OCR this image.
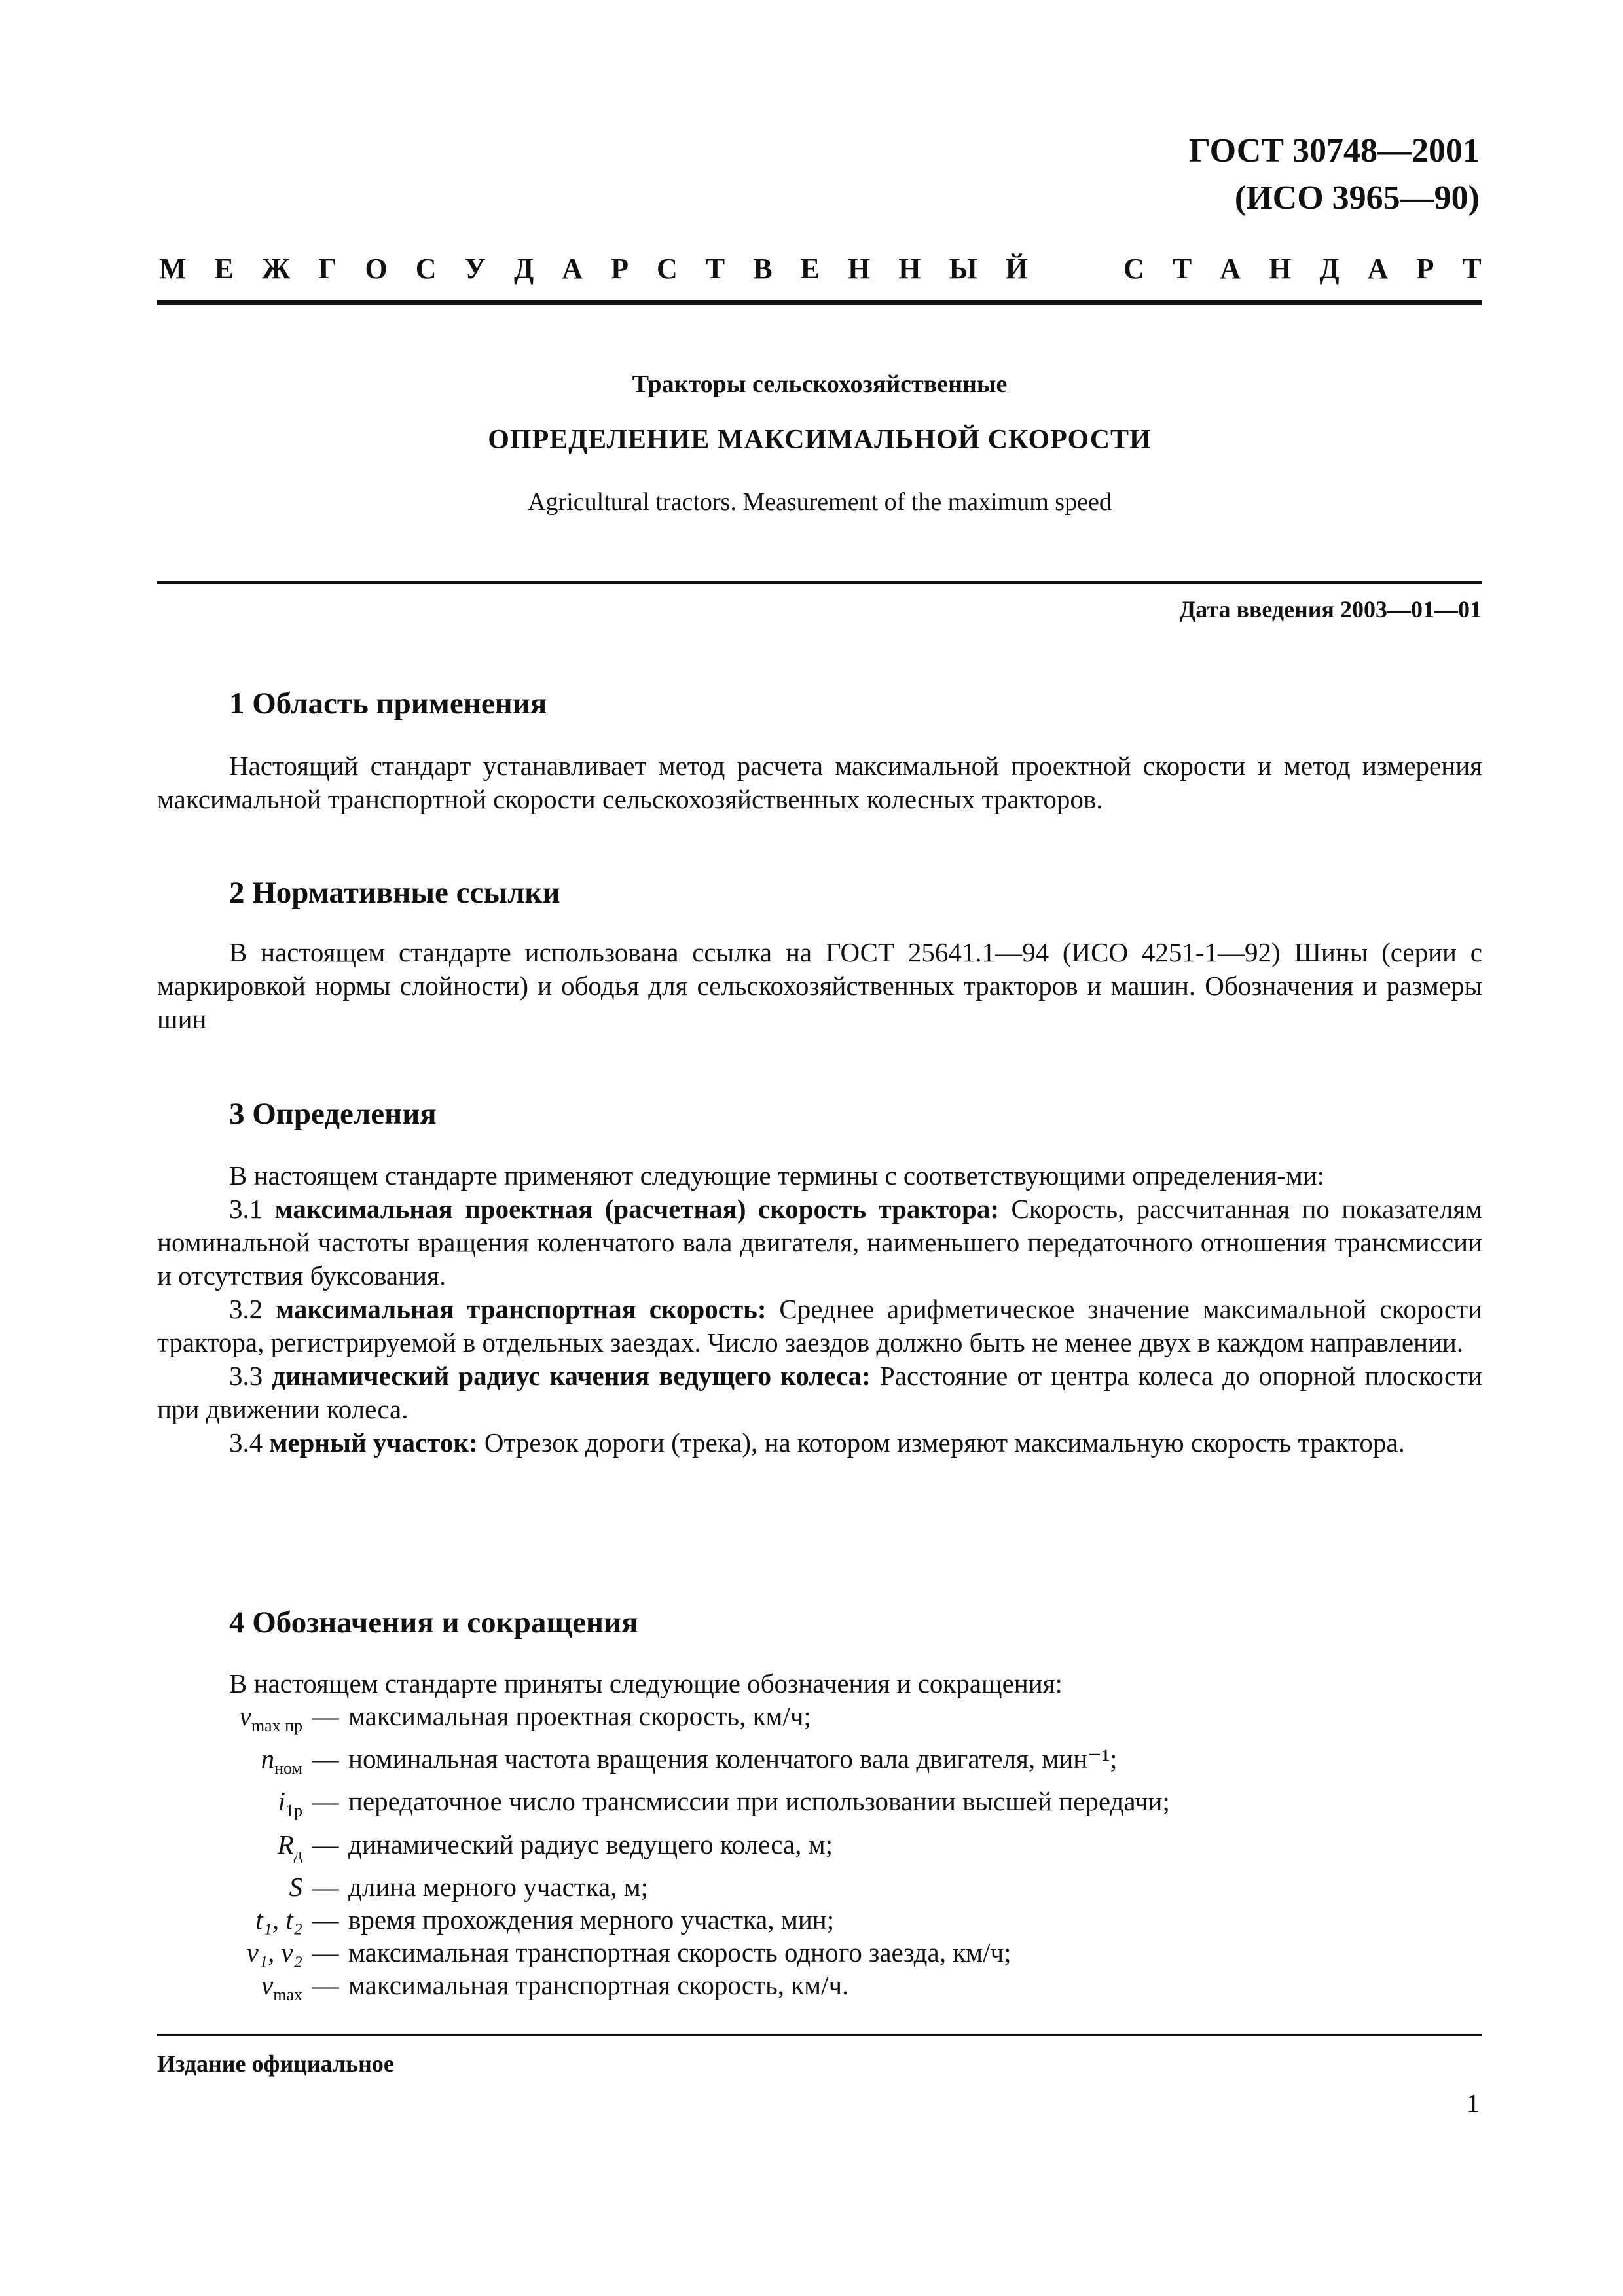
ГОСТ 30748—2001
(ИСО 3965—90)
М Е Ж Г О С У Д А Р С Т В Е Н Н Ы Й	С Т А Н Д А Р Т
Тракторы сельскохозяйственные
ОПРЕДЕЛЕНИЕ МАКСИМАЛЬНОЙ СКОРОСТИ
Agricultural tractors. Measurement of the maximum speed
Дата введения 2003—01—01
1 Область применения

Настоящий стандарт устанавливает метод расчета максимальной проектной скорости и метод измерения максимальной транспортной скорости сельскохозяйственных колесных тракторов.

2 Нормативные ссылки

В настоящем стандарте использована ссылка на ГОСТ 25641.1—94 (ИСО 4251-1—92) Шины (серии с маркировкой нормы слойности) и ободья для сельскохозяйственных тракторов и машин. Обозначения и размеры шин

3 Определения

В настоящем стандарте применяют следующие термины с соответствующими определения-ми:

3.1 максимальная проектная (расчетная) скорость трактора: Скорость, рассчитанная по показателям номинальной частоты вращения коленчатого вала двигателя, наименьшего передаточного отношения трансмиссии и отсутствия буксования.

3.2 максимальная транспортная скорость: Среднее арифметическое значение максимальной скорости трактора, регистрируемой в отдельных заездах. Число заездов должно быть не менее двух в каждом направлении.

3.3 динамический радиус качения ведущего колеса: Расстояние от центра колеса до опорной плоскости при движении колеса.

3.4 мерный участок: Отрезок дороги (трека), на котором измеряют максимальную скорость трактора.

4 Обозначения и сокращения

В настоящем стандарте приняты следующие обозначения и сокращения:

$v_{max пр}$ — максимальная проектная скорость, км/ч;
$n_{ном}$ — номинальная частота вращения коленчатого вала двигателя, мин⁻¹;
$i_{1р}$ — передаточное число трансмиссии при использовании высшей передачи;
$R_д$ — динамический радиус ведущего колеса, м;
S — длина мерного участка, м;
t₁, t₂ — время прохождения мерного участка, мин;
v₁, v₂ — максимальная транспортная скорость одного заезда, км/ч;
$v_{max}$ — максимальная транспортная скорость, км/ч.
Издание официальное
1
